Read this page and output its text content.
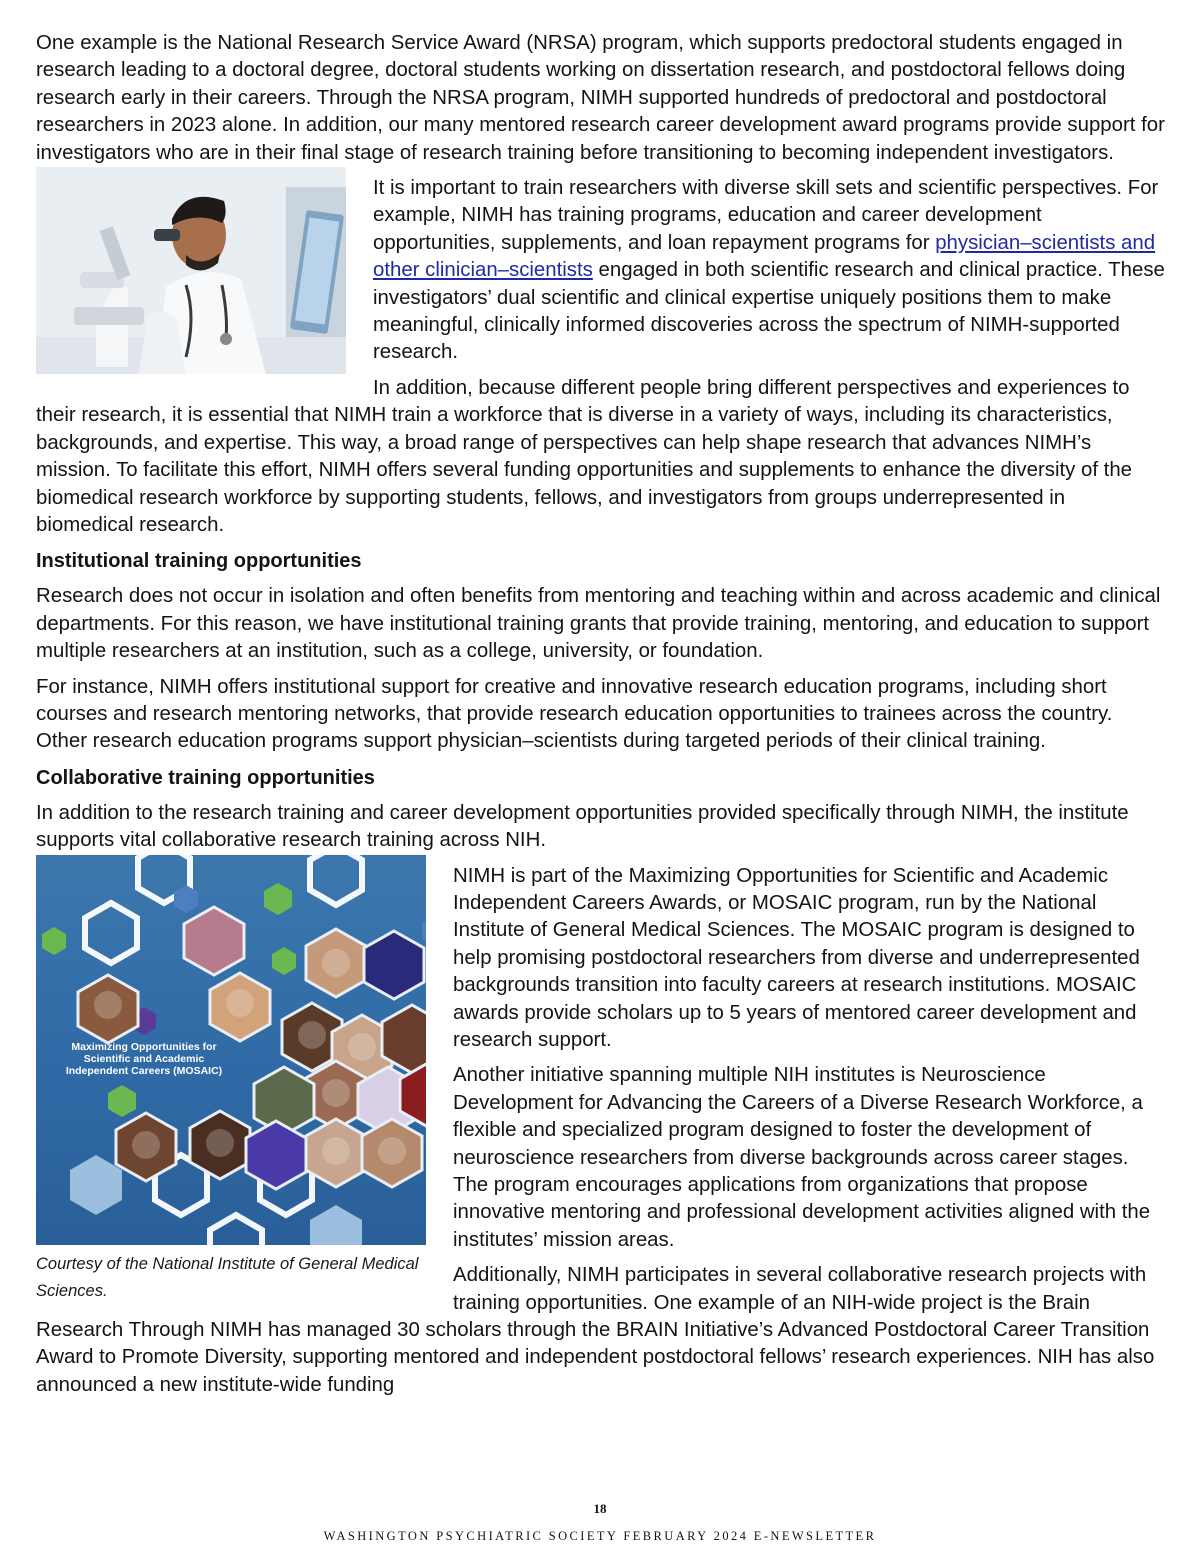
One example is the National Research Service Award (NRSA) program, which supports predoctoral students engaged in research leading to a doctoral degree, doctoral students working on dissertation research, and postdoctoral fellows doing research early in their careers. Through the NRSA program, NIMH supported hundreds of predoctoral and postdoctoral researchers in 2023 alone. In addition, our many mentored research career development award programs provide support for investigators who are in their final stage of research training before transitioning to becoming independent investigators.

It is important to train researchers with diverse skill sets and scientific perspectives. For example, NIMH has training programs, education and career development opportunities, supplements, and loan repayment programs for physician–scientists and other clinician–scientists engaged in both scientific research and clinical practice. These investigators’ dual scientific and clinical expertise uniquely positions them to make meaningful, clinically informed discoveries across the spectrum of NIMH-supported research.

In addition, because different people bring different perspectives and experiences to their research, it is essential that NIMH train a workforce that is diverse in a variety of ways, including its characteristics, backgrounds, and expertise. This way, a broad range of perspectives can help shape research that advances NIMH’s mission. To facilitate this effort, NIMH offers several funding opportunities and supplements to enhance the diversity of the biomedical research workforce by supporting students, fellows, and investigators from groups underrepresented in biomedical research.

Institutional training opportunities

Research does not occur in isolation and often benefits from mentoring and teaching within and across academic and clinical departments. For this reason, we have institutional training grants that provide training, mentoring, and education to support multiple researchers at an institution, such as a college, university, or foundation.

For instance, NIMH offers institutional support for creative and innovative research education programs, including short courses and research mentoring networks, that provide research education opportunities to trainees across the country. Other research education programs support physician–scientists during targeted periods of their clinical training.

Collaborative training opportunities

In addition to the research training and career development opportunities provided specifically through NIMH, the institute supports vital collaborative research training across NIH.

Maximizing Opportunities for Scientific and Academic Independent Careers (MOSAIC)
Courtesy of the National Institute of General Medical Sciences.

NIMH is part of the Maximizing Opportunities for Scientific and Academic Independent Careers Awards, or MOSAIC program, run by the National Institute of General Medical Sciences. The MOSAIC program is designed to help promising postdoctoral researchers from diverse and underrepresented backgrounds transition into faculty careers at research institutions. MOSAIC awards provide scholars up to 5 years of mentored career development and research support.

Another initiative spanning multiple NIH institutes is Neuroscience Development for Advancing the Careers of a Diverse Research Workforce, a flexible and specialized program designed to foster the development of neuroscience researchers from diverse backgrounds across career stages. The program encourages applications from organizations that propose innovative mentoring and professional development activities aligned with the institutes’ mission areas.

Additionally, NIMH participates in several collaborative research projects with training opportunities. One example of an NIH-wide project is the Brain Research Through NIMH has managed 30 scholars through the BRAIN Initiative’s Advanced Postdoctoral Career Transition Award to Promote Diversity, supporting mentored and independent postdoctoral fellows’ research experiences. NIH has also announced a new institute-wide funding

18
WASHINGTON PSYCHIATRIC SOCIETY FEBRUARY 2024 E-NEWSLETTER
